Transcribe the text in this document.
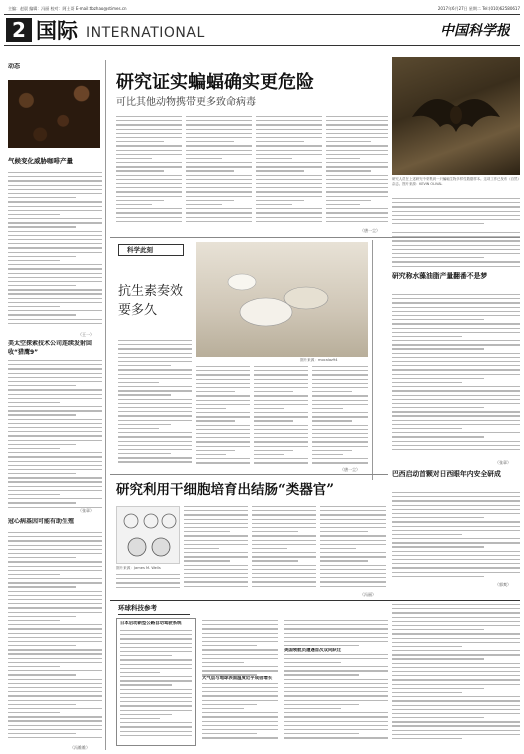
主编：赵晨 编辑：冯丽 校对：阿土哥 E-mail:tbzhao@stimes.cn	2017年6月27日 星期二 Tel:(010)62580617
2 国际 INTERNATIONAL	中国科学报
动态
气候变化威胁咖啡产量
（王一）
美太空探索技术公司连续发射回收“猎鹰9”
（张章）
冠心病基因可能有助生殖
（冯维维）
研究证实蝙蝠确实更危险
可比其他动物携带更多致命病毒
研究人员在上述研究中采集到一只蝙蝠生物多样性数据样本。这项工作已发布《自然》杂志。图片来源：KEVIN OLIVAL
（唐一尘）
科学此刻
抗生素奏效要多久
图片来源：mocalaz94
（唐一尘）
研究称水藻油脂产量翻番不是梦
（张章）
巴西启动首颗对日西眼年内安全研成
（郭爽）
研究利用干细胞培育出结肠“类器官”
图片来源：James M. Wells
（冯丽）
环球科技参考
日本启动新型公路自动驾驶系统
大气层与地球表面温度近乎成倍增长
美国领航员遭遇首次双向跃迁
